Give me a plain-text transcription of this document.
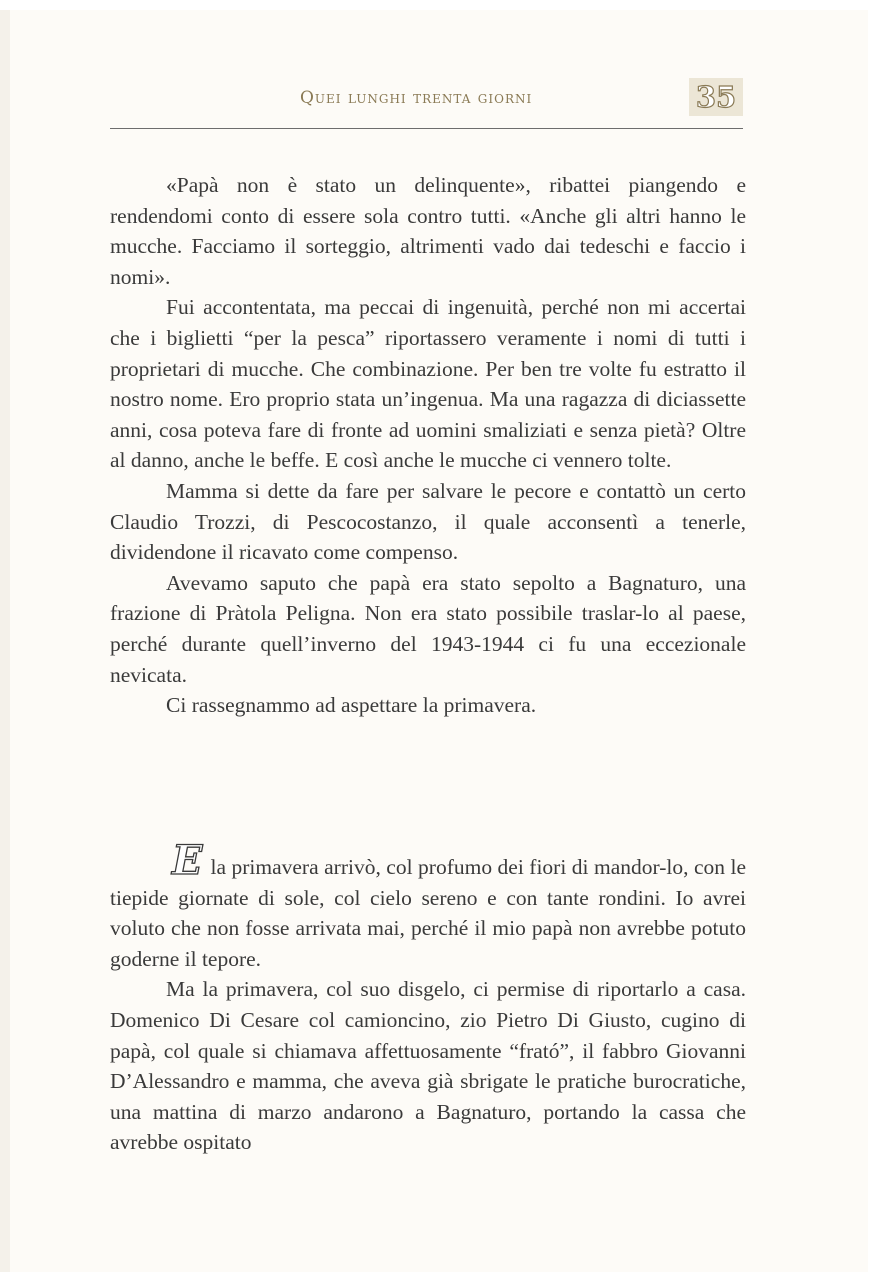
Quei lunghi trenta giorni	35

«Papà non è stato un delinquente», ribattei piangendo e rendendomi conto di essere sola contro tutti. «Anche gli altri hanno le mucche. Facciamo il sorteggio, altrimenti vado dai tedeschi e faccio i nomi».

Fui accontentata, ma peccai di ingenuità, perché non mi accertai che i biglietti “per la pesca” riportassero veramente i nomi di tutti i proprietari di mucche. Che combinazione. Per ben tre volte fu estratto il nostro nome. Ero proprio stata un’ingenua. Ma una ragazza di diciassette anni, cosa poteva fare di fronte ad uomini smaliziati e senza pietà? Oltre al danno, anche le beffe. E così anche le mucche ci vennero tolte.

Mamma si dette da fare per salvare le pecore e contattò un certo Claudio Trozzi, di Pescocostanzo, il quale acconsentì a tenerle, dividendone il ricavato come compenso.

Avevamo saputo che papà era stato sepolto a Bagnaturo, una frazione di Pràtola Peligna. Non era stato possibile traslar-lo al paese, perché durante quell’inverno del 1943-1944 ci fu una eccezionale nevicata.

Ci rassegnammo ad aspettare la primavera.

Ela primavera arrivò, col profumo dei fiori di mandor-lo, con le tiepide giornate di sole, col cielo sereno e con tante rondini. Io avrei voluto che non fosse arrivata mai, perché il mio papà non avrebbe potuto goderne il tepore.

Ma la primavera, col suo disgelo, ci permise di riportarlo a casa. Domenico Di Cesare col camioncino, zio Pietro Di Giusto, cugino di papà, col quale si chiamava affettuosamente “frató”, il fabbro Giovanni D’Alessandro e mamma, che aveva già sbrigate le pratiche burocratiche, una mattina di marzo andarono a Bagnaturo, portando la cassa che avrebbe ospitato
